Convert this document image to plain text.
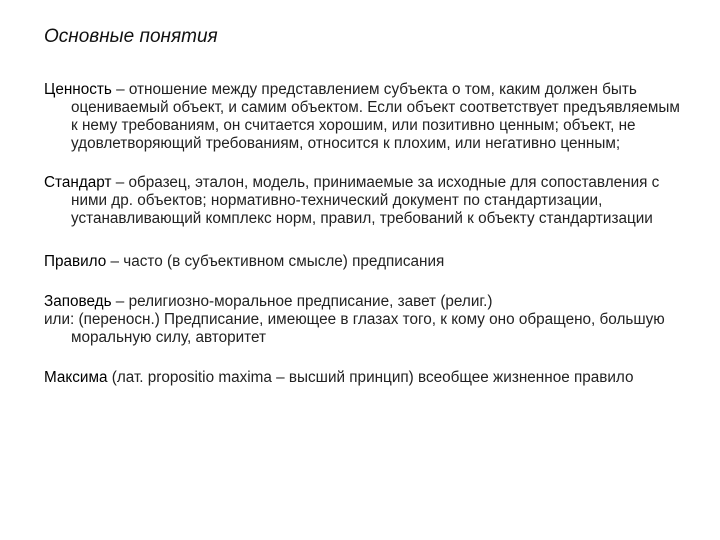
Основные понятия

Ценность – отношение между представлением субъекта о том, каким должен быть оцениваемый объект, и самим объектом. Если объект соответствует предъявляемым к нему требованиям, он считается хорошим, или позитивно ценным; объект, не удовлетворяющий требованиям, относится к плохим, или негативно ценным;

Стандарт – образец, эталон, модель, принимаемые за исходные для сопоставления с ними др. объектов; нормативно-технический документ по стандартизации, устанавливающий комплекс норм, правил, требований к объекту стандартизации

Правило – часто (в субъективном смысле) предписания

Заповедь – религиозно-моральное предписание, завет (религ.)
или: (переносн.) Предписание, имеющее в глазах того, к кому оно обращено, большую моральную силу, авторитет

Максима (лат. propositio maxima – высший принцип) всеобщее жизненное правило
